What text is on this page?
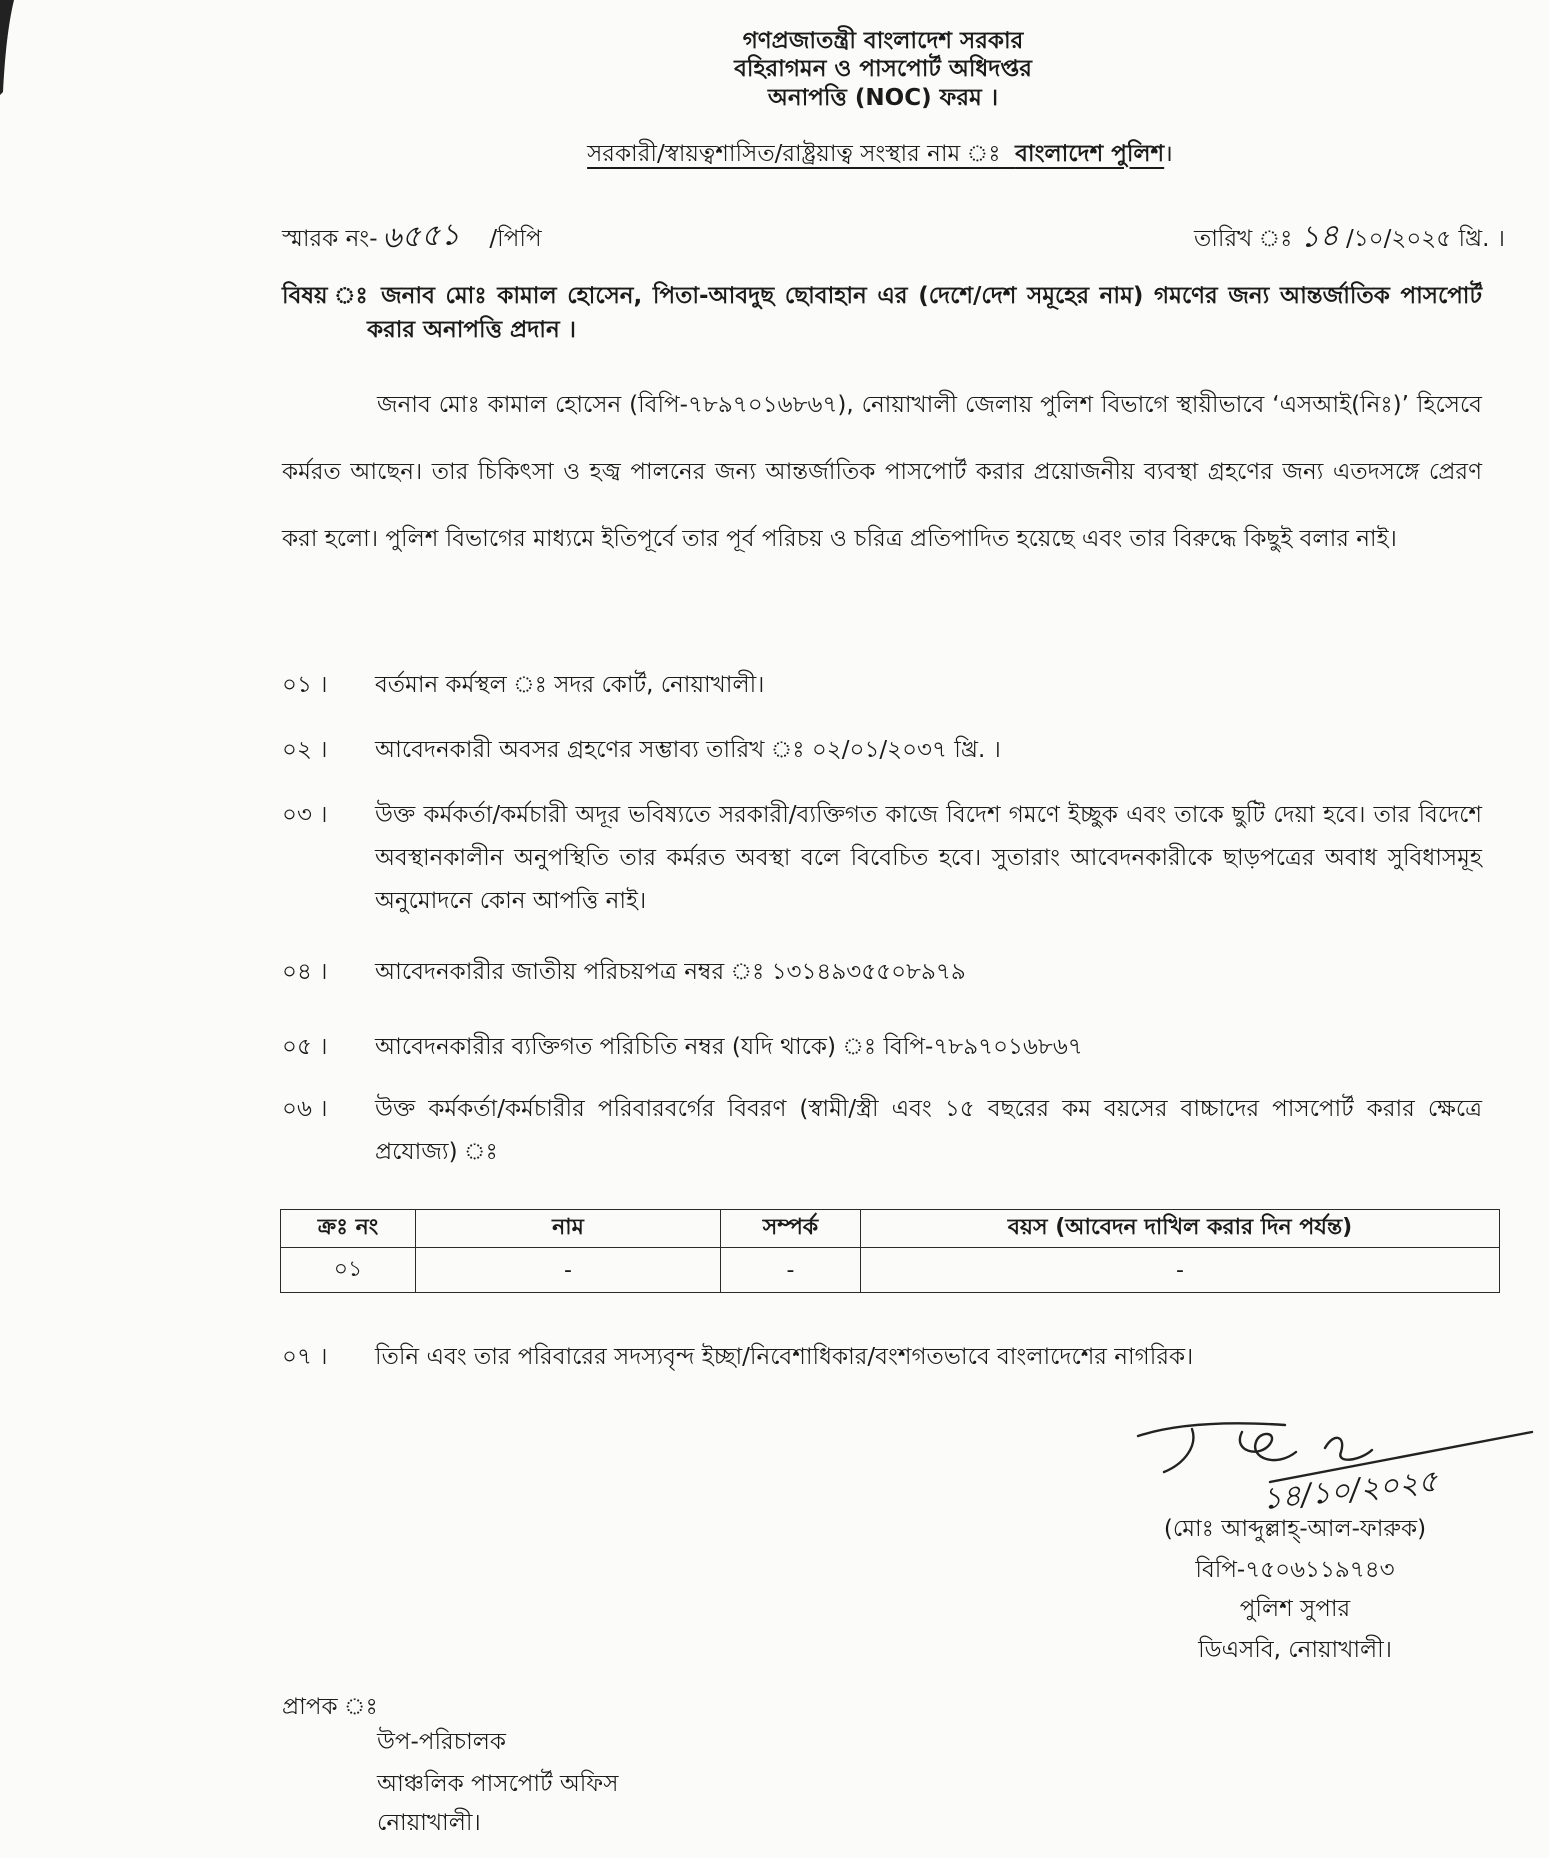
গণপ্রজাতন্ত্রী বাংলাদেশ সরকার
বহিরাগমন ও পাসপোর্ট অধিদপ্তর
অনাপত্তি (NOC) ফরম ।
সরকারী/স্বায়ত্বশাসিত/রাষ্ট্রয়াত্ব সংস্থার নাম ঃ বাংলাদেশ পুলিশ।
স্মারক নং- ৬৫৫১ /পিপি	তারিখ ঃ ১৪ /১০/২০২৫ খ্রি. ।
বিষয় ঃ জনাব মোঃ কামাল হোসেন, পিতা-আবদুছ ছোবাহান এর (দেশে/দেশ সমূহের নাম) গমণের জন্য আন্তর্জাতিক পাসপোর্ট করার অনাপত্তি প্রদান ।
জনাব মোঃ কামাল হোসেন (বিপি-৭৮৯৭০১৬৮৬৭), নোয়াখালী জেলায় পুলিশ বিভাগে স্থায়ীভাবে ‘এসআই(নিঃ)’ হিসেবে কর্মরত আছেন। তার চিকিৎসা ও হজ্ব পালনের জন্য আন্তর্জাতিক পাসপোর্ট করার প্রয়োজনীয় ব্যবস্থা গ্রহণের জন্য এতদসঙ্গে প্রেরণ করা হলো। পুলিশ বিভাগের মাধ্যমে ইতিপূর্বে তার পূর্ব পরিচয় ও চরিত্র প্রতিপাদিত হয়েছে এবং তার বিরুদ্ধে কিছুই বলার নাই।
০১ ।	বর্তমান কর্মস্থল ঃ সদর কোর্ট, নোয়াখালী।
০২ ।	আবেদনকারী অবসর গ্রহণের সম্ভাব্য তারিখ ঃ ০২/০১/২০৩৭ খ্রি. ।
০৩ ।	উক্ত কর্মকর্তা/কর্মচারী অদূর ভবিষ্যতে সরকারী/ব্যক্তিগত কাজে বিদেশ গমণে ইচ্ছুক এবং তাকে ছুটি দেয়া হবে। তার বিদেশে অবস্থানকালীন অনুপস্থিতি তার কর্মরত অবস্থা বলে বিবেচিত হবে। সুতারাং আবেদনকারীকে ছাড়পত্রের অবাধ সুবিধাসমূহ অনুমোদনে কোন আপত্তি নাই।
০৪ ।	আবেদনকারীর জাতীয় পরিচয়পত্র নম্বর ঃ ১৩১৪৯৩৫৫০৮৯৭৯
০৫ ।	আবেদনকারীর ব্যক্তিগত পরিচিতি নম্বর (যদি থাকে) ঃ বিপি-৭৮৯৭০১৬৮৬৭
০৬ ।	উক্ত কর্মকর্তা/কর্মচারীর পরিবারবর্গের বিবরণ (স্বামী/স্ত্রী এবং ১৫ বছরের কম বয়সের বাচ্চাদের পাসপোর্ট করার ক্ষেত্রে প্রযোজ্য) ঃ
ক্রঃ নং	নাম	সম্পর্ক	বয়স (আবেদন দাখিল করার দিন পর্যন্ত)
০১	-	-	-
০৭ ।	তিনি এবং তার পরিবারের সদস্যবৃন্দ ইচ্ছা/নিবেশাধিকার/বংশগতভাবে বাংলাদেশের নাগরিক।
১৪/১০/২০২৫
(মোঃ আব্দুল্লাহ্-আল-ফারুক)
বিপি-৭৫০৬১১৯৭৪৩
পুলিশ সুপার
ডিএসবি, নোয়াখালী।
প্রাপক ঃ
উপ-পরিচালক
আঞ্চলিক পাসপোর্ট অফিস
নোয়াখালী।
